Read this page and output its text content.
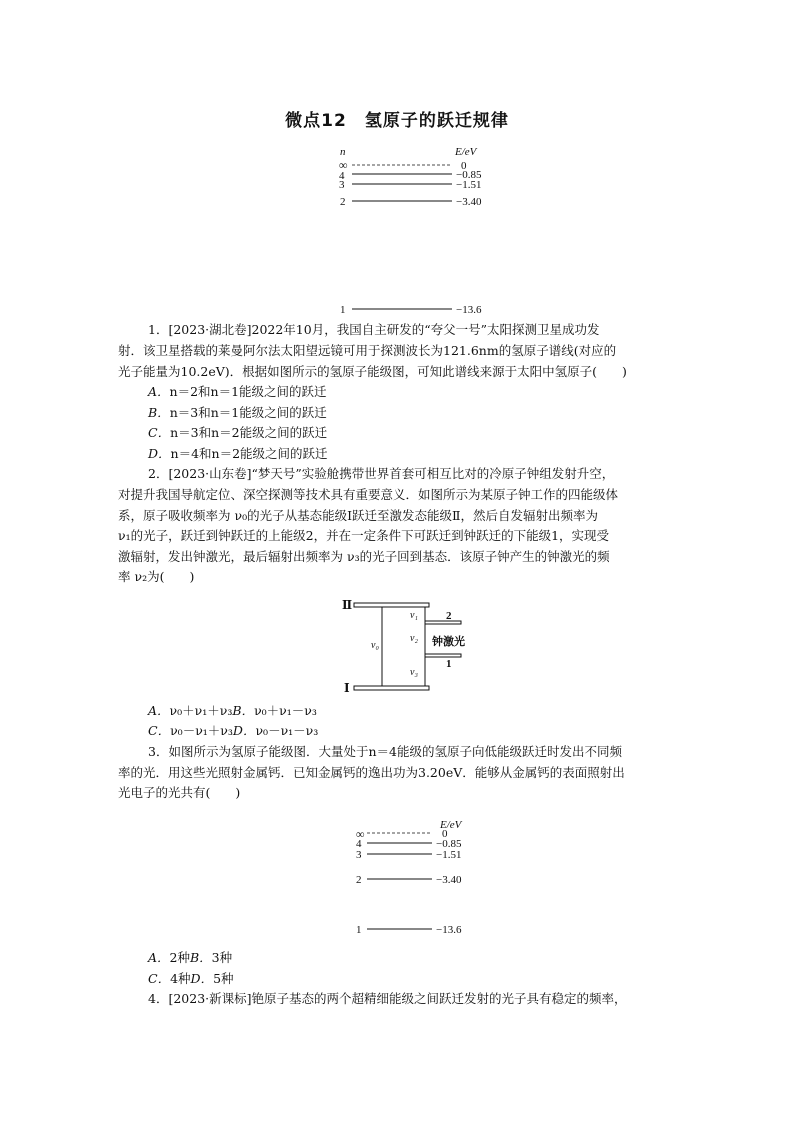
微点12 氢原子的跃迁规律
n	E/eV
∞	0
4	−0.85
3	−1.51
2	−3.40
1	−13.6
1．[2023·湖北卷]2022年10月，我国自主研发的“夸父一号”太阳探测卫星成功发
射．该卫星搭载的莱曼阿尔法太阳望远镜可用于探测波长为121.6nm的氢原子谱线(对应的
光子能量为10.2eV)．根据如图所示的氢原子能级图，可知此谱线来源于太阳中氢原子(　　)
A．n＝2和n＝1能级之间的跃迁
B．n＝3和n＝1能级之间的跃迁
C．n＝3和n＝2能级之间的跃迁
D．n＝4和n＝2能级之间的跃迁
2．[2023·山东卷]“梦天号”实验舱携带世界首套可相互比对的冷原子钟组发射升空，
对提升我国导航定位、深空探测等技术具有重要意义．如图所示为某原子钟工作的四能级体
系，原子吸收频率为 ν₀的光子从基态能级Ⅰ跃迁至激发态能级Ⅱ，然后自发辐射出频率为
ν₁的光子，跃迁到钟跃迁的上能级2，并在一定条件下可跃迁到钟跃迁的下能级1，实现受
激辐射，发出钟激光，最后辐射出频率为 ν₃的光子回到基态．该原子钟产生的钟激光的频
率 ν₂为(　　)
Ⅱ
ν₀
ν₁	2
ν₂ 钟激光
1
ν₃
Ⅰ
A．ν₀＋ν₁＋ν₃B．ν₀＋ν₁－ν₃
C．ν₀－ν₁＋ν₃D．ν₀－ν₁－ν₃
3．如图所示为氢原子能级图．大量处于n＝4能级的氢原子向低能级跃迁时发出不同频
率的光．用这些光照射金属钙．已知金属钙的逸出功为3.20eV．能够从金属钙的表面照射出
光电子的光共有(　　)
E/eV
∞	0
4	−0.85
3	−1.51
2	−3.40
1	−13.6
A．2种B．3种
C．4种D．5种
4．[2023·新课标]铯原子基态的两个超精细能级之间跃迁发射的光子具有稳定的频率，
